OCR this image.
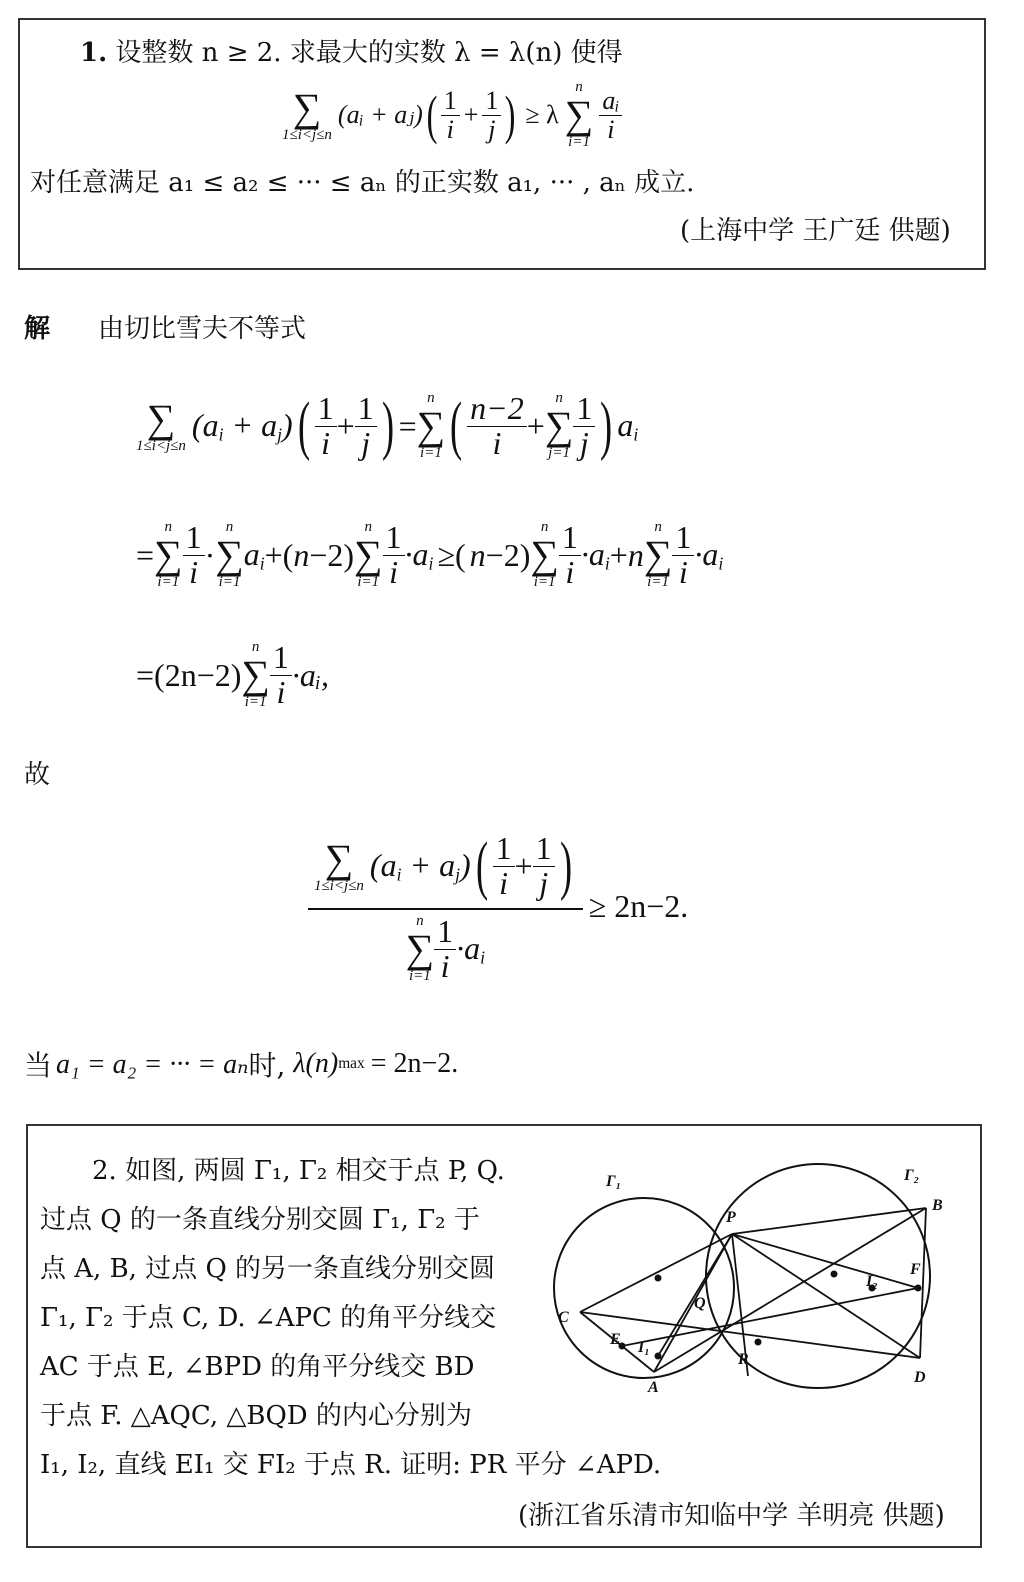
1. 设整数 n ≥ 2. 求最大的实数 λ = λ(n) 使得
∑
1≤i<j≤n
(aᵢ + aⱼ) ( $\frac{1}{i} + \frac{1}{j}$ ) ≥ λ
n
∑
$i=1 \frac{\text{aᵢ}}{i}$
对任意满足 a₁ ≤ a₂ ≤ ··· ≤ aₙ 的正实数 a₁, ··· , aₙ 成立.
(上海中学 王广廷 供题)
解 由切比雪夫不等式
∑
1≤i<j≤n
$(a_i + a_j)$ ( $\frac{1}{i} + \frac{1}{j}$ ) =
n
∑
i=1 ( $\frac{n-2}{i}$ +
n
∑
$j=1 \frac{1}{j}$ ) $a_i$
=
n
∑
$i=1 \frac{1}{i}$ ·
n
∑
i=1
$a_i$ +( n −2)
n
∑
$i=1 \frac{1}{i} \cdot a_i$ ≥( n −2)
n
∑
$i=1 \frac{1}{i} \cdot a_i + n$
n
∑
$i=1 \frac{1}{i} \cdot a_i$
=(2n−2)
n
∑
$i=1 \frac{1}{i}$ ·aᵢ,
故
∑
1≤i<j≤n
$(a_i + a_j)$ ( $\frac{1}{i} + \frac{1}{j}$ )
n
∑
$i=1 \frac{1}{i} \cdot a_i$
≥ 2n−2.
当 a₁ = a₂ = ··· = aₙ 时, λ(n) max = 2n−2.
2. 如图, 两圆 Γ₁, Γ₂ 相交于点 P, Q.
过点 Q 的一条直线分别交圆 Γ₁, Γ₂ 于
点 A, B, 过点 Q 的另一条直线分别交圆
Γ₁, Γ₂ 于点 C, D. ∠APC 的角平分线交
AC 于点 E, ∠BPD 的角平分线交 BD
于点 F. △AQC, △BQD 的内心分别为
I₁, I₂, 直线 EI₁ 交 FI₂ 于点 R. 证明: PR 平分 ∠APD.
(浙江省乐清市知临中学 羊明亮 供题)
Γ₁	Γ₂
P
Q
A
B
C
D
E
F
I₁
I₂
R
